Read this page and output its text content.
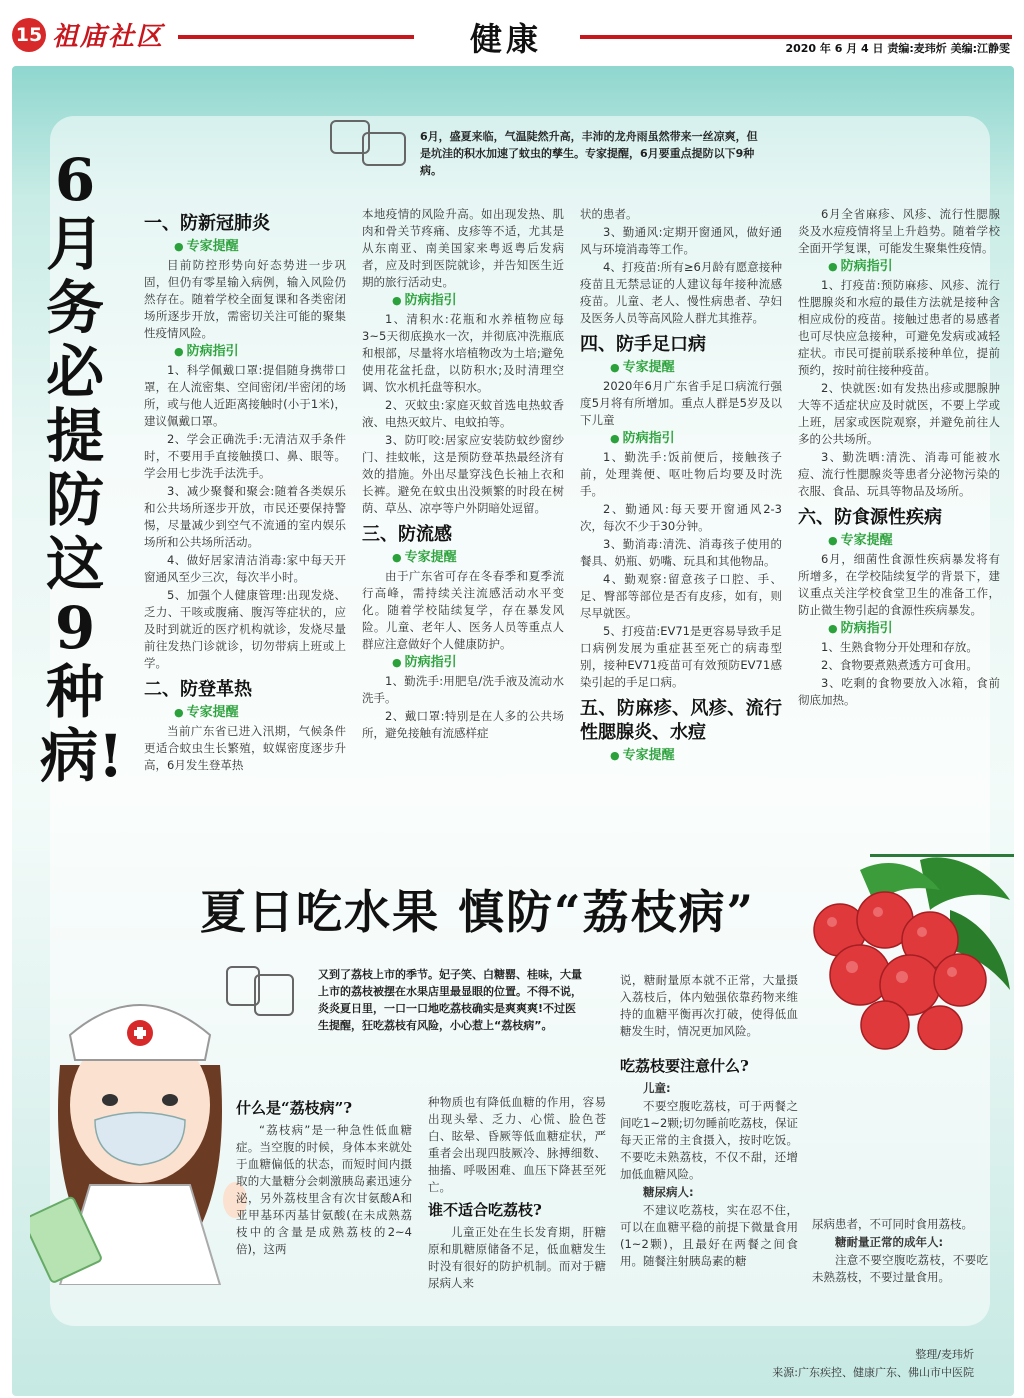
15 祖庙社区	健康	2020 年 6 月 4 日 责编:麦玮炘 美编:江静雯
6月务必提防这9种病!
6月，盛夏来临，气温陡然升高，丰沛的龙舟雨虽然带来一丝凉爽，但是坑洼的积水加速了蚊虫的孳生。专家提醒，6月要重点提防以下9种病。
一、防新冠肺炎
● 专家提醒

目前防控形势向好态势进一步巩固，但仍有零星输入病例，输入风险仍然存在。随着学校全面复课和各类密闭场所逐步开放，需密切关注可能的聚集性疫情风险。

● 防病指引

1、科学佩戴口罩:提倡随身携带口罩，在人流密集、空间密闭/半密闭的场所，或与他人近距离接触时(小于1米)，建议佩戴口罩。

2、学会正确洗手:无清洁双手条件时，不要用手直接触摸口、鼻、眼等。学会用七步洗手法洗手。

3、减少聚餐和聚会:随着各类娱乐和公共场所逐步开放，市民还要保持警惕，尽量减少到空气不流通的室内娱乐场所和公共场所活动。

4、做好居家清洁消毒:家中每天开窗通风至少三次，每次半小时。

5、加强个人健康管理:出现发烧、乏力、干咳或腹痛、腹泻等症状的，应及时到就近的医疗机构就诊，发烧尽量前往发热门诊就诊，切勿带病上班或上学。

二、防登革热
● 专家提醒

当前广东省已进入汛期，气候条件更适合蚊虫生长繁殖，蚊媒密度逐步升高，6月发生登革热

本地疫情的风险升高。如出现发热、肌肉和骨关节疼痛、皮疹等不适，尤其是从东南亚、南美国家来粤返粤后发病者，应及时到医院就诊，并告知医生近期的旅行活动史。

● 防病指引

1、清积水:花瓶和水养植物应每3~5天彻底换水一次，并彻底冲洗瓶底和根部，尽量将水培植物改为土培;避免使用花盆托盘，以防积水;及时清理空调、饮水机托盘等积水。

2、灭蚊虫:家庭灭蚊首选电热蚊香液、电热灭蚊片、电蚊拍等。

3、防叮咬:居家应安装防蚊纱窗纱门、挂蚊帐，这是预防登革热最经济有效的措施。外出尽量穿浅色长袖上衣和长裤。避免在蚊虫出没频繁的时段在树荫、草丛、凉亭等户外阴暗处逗留。

三、防流感
● 专家提醒

由于广东省可存在冬春季和夏季流行高峰，需持续关注流感活动水平变化。随着学校陆续复学，存在暴发风险。儿童、老年人、医务人员等重点人群应注意做好个人健康防护。

● 防病指引

1、勤洗手:用肥皂/洗手液及流动水洗手。

2、戴口罩:特别是在人多的公共场所，避免接触有流感样症

状的患者。

3、勤通风:定期开窗通风，做好通风与环境消毒等工作。

4、打疫苗:所有≥6月龄有愿意接种疫苗且无禁忌证的人建议每年接种流感疫苗。儿童、老人、慢性病患者、孕妇及医务人员等高风险人群尤其推荐。

四、防手足口病
● 专家提醒

2020年6月广东省手足口病流行强度5月将有所增加。重点人群是5岁及以下儿童

● 防病指引

1、勤洗手:饭前便后，接触孩子前，处理粪便、呕吐物后均要及时洗手。

2、勤通风:每天要开窗通风2-3次，每次不少于30分钟。

3、勤消毒:清洗、消毒孩子使用的餐具、奶瓶、奶嘴、玩具和其他物品。

4、勤观察:留意孩子口腔、手、足、臀部等部位是否有皮疹，如有，则尽早就医。

5、打疫苗:EV71是更容易导致手足口病例发展为重症甚至死亡的病毒型别，接种EV71疫苗可有效预防EV71感染引起的手足口病。

五、防麻疹、风疹、流行性腮腺炎、水痘
● 专家提醒

6月全省麻疹、风疹、流行性腮腺炎及水痘疫情将呈上升趋势。随着学校全面开学复课，可能发生聚集性疫情。

● 防病指引

1、打疫苗:预防麻疹、风疹、流行性腮腺炎和水痘的最佳方法就是接种含相应成份的疫苗。接触过患者的易感者也可尽快应急接种，可避免发病或减轻症状。市民可提前联系接种单位，提前预约，按时前往接种疫苗。

2、快就医:如有发热出疹或腮腺肿大等不适症状应及时就医，不要上学或上班，居家或医院观察，并避免前往人多的公共场所。

3、勤洗晒:清洗、消毒可能被水痘、流行性腮腺炎等患者分泌物污染的衣服、食品、玩具等物品及场所。

六、防食源性疾病
● 专家提醒

6月，细菌性食源性疾病暴发将有所增多，在学校陆续复学的背景下，建议重点关注学校食堂卫生的准备工作，防止微生物引起的食源性疾病暴发。

● 防病指引

1、生熟食物分开处理和存放。

2、食物要煮熟煮透方可食用。

3、吃剩的食物要放入冰箱，食前彻底加热。

夏日吃水果 慎防“荔枝病”
又到了荔枝上市的季节。妃子笑、白糖罂、桂味，大量上市的荔枝被摆在水果店里最显眼的位置。不得不说，炎炎夏日里，一口一口地吃荔枝确实是爽爽爽!不过医生提醒，狂吃荔枝有风险，小心惹上“荔枝病”。
什么是“荔枝病”?

“荔枝病”是一种急性低血糖症。当空腹的时候，身体本来就处于血糖偏低的状态，而短时间内摄取的大量糖分会刺激胰岛素迅速分泌，另外荔枝里含有次甘氨酸A和亚甲基环丙基甘氨酸(在未成熟荔枝中的含量是成熟荔枝的2~4倍)，这两

种物质也有降低血糖的作用，容易出现头晕、乏力、心慌、脸色苍白、眩晕、昏厥等低血糖症状，严重者会出现四肢厥冷、脉搏细数、抽搐、呼吸困难、血压下降甚至死亡。

谁不适合吃荔枝?

儿童正处在生长发育期，肝糖原和肌糖原储备不足，低血糖发生时没有很好的防护机制。而对于糖尿病人来

说，糖耐量原本就不正常，大量摄入荔枝后，体内勉强依靠药物来维持的血糖平衡再次打破，使得低血糖发生时，情况更加风险。

吃荔枝要注意什么?

儿童:

不要空腹吃荔枝，可于两餐之间吃1~2颗;切勿睡前吃荔枝，保证每天正常的主食摄入，按时吃饭。不要吃未熟荔枝，不仅不甜，还增加低血糖风险。

糖尿病人:

不建议吃荔枝，实在忍不住，可以在血糖平稳的前提下微量食用(1~2颗)，且最好在两餐之间食用。随餐注射胰岛素的糖

尿病患者，不可同时食用荔枝。

糖耐量正常的成年人:

注意不要空腹吃荔枝，不要吃未熟荔枝，不要过量食用。

整理/麦玮炘
来源:广东疾控、健康广东、佛山市中医院
